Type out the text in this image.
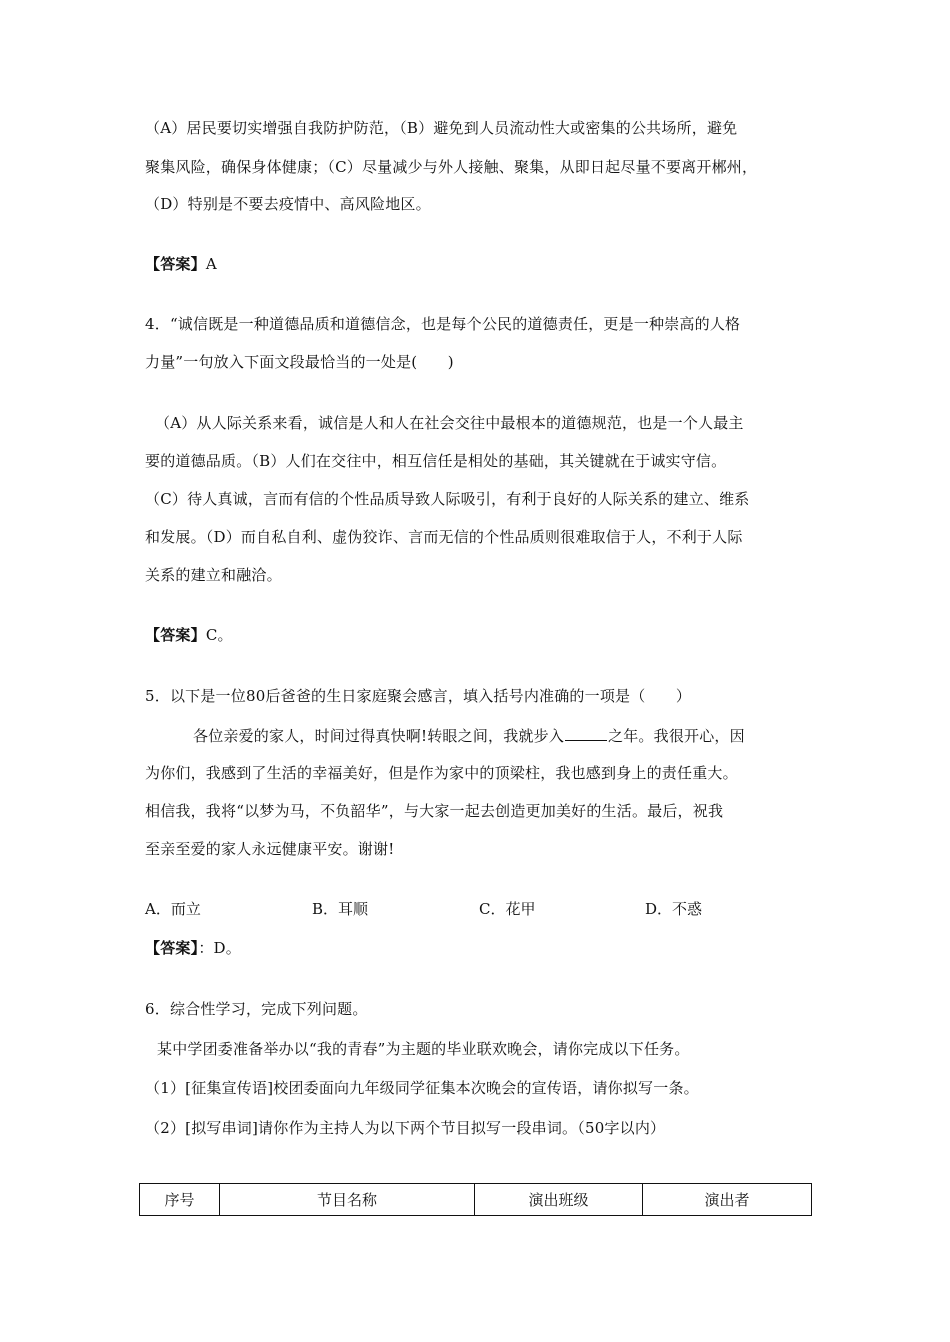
（A）居民要切实增强自我防护防范，（B）避免到人员流动性大或密集的公共场所，避免
聚集风险，确保身体健康；（C）尽量减少与外人接触、聚集，从即日起尽量不要离开郴州，
（D）特别是不要去疫情中、高风险地区。
【答案】A
4．“诚信既是一种道德品质和道德信念，也是每个公民的道德责任，更是一种崇高的人格
力量”一句放入下面文段最恰当的一处是(　　)
（A）从人际关系来看，诚信是人和人在社会交往中最根本的道德规范，也是一个人最主
要的道德品质。（B）人们在交往中，相互信任是相处的基础，其关键就在于诚实守信。
（C）待人真诚，言而有信的个性品质导致人际吸引，有利于良好的人际关系的建立、维系
和发展。（D）而自私自利、虚伪狡诈、言而无信的个性品质则很难取信于人，不利于人际
关系的建立和融洽。
【答案】C。
5．以下是一位80后爸爸的生日家庭聚会感言，填入括号内准确的一项是（　　）
各位亲爱的家人，时间过得真快啊!转眼之间，我就步入	之年。我很开心，因
为你们，我感到了生活的幸福美好，但是作为家中的顶梁柱，我也感到身上的责任重大。
相信我，我将“以梦为马，不负韶华”，与大家一起去创造更加美好的生活。最后，祝我
至亲至爱的家人永远健康平安。谢谢!
A．而立	B．耳顺	C．花甲	D．不惑
【答案】：D。
6．综合性学习，完成下列问题。
某中学团委准备举办以“我的青春”为主题的毕业联欢晚会，请你完成以下任务。
（1）[征集宣传语]校团委面向九年级同学征集本次晚会的宣传语，请你拟写一条。
（2）[拟写串词]请你作为主持人为以下两个节目拟写一段串词。（50字以内）
序号	节目名称	演出班级	演出者
